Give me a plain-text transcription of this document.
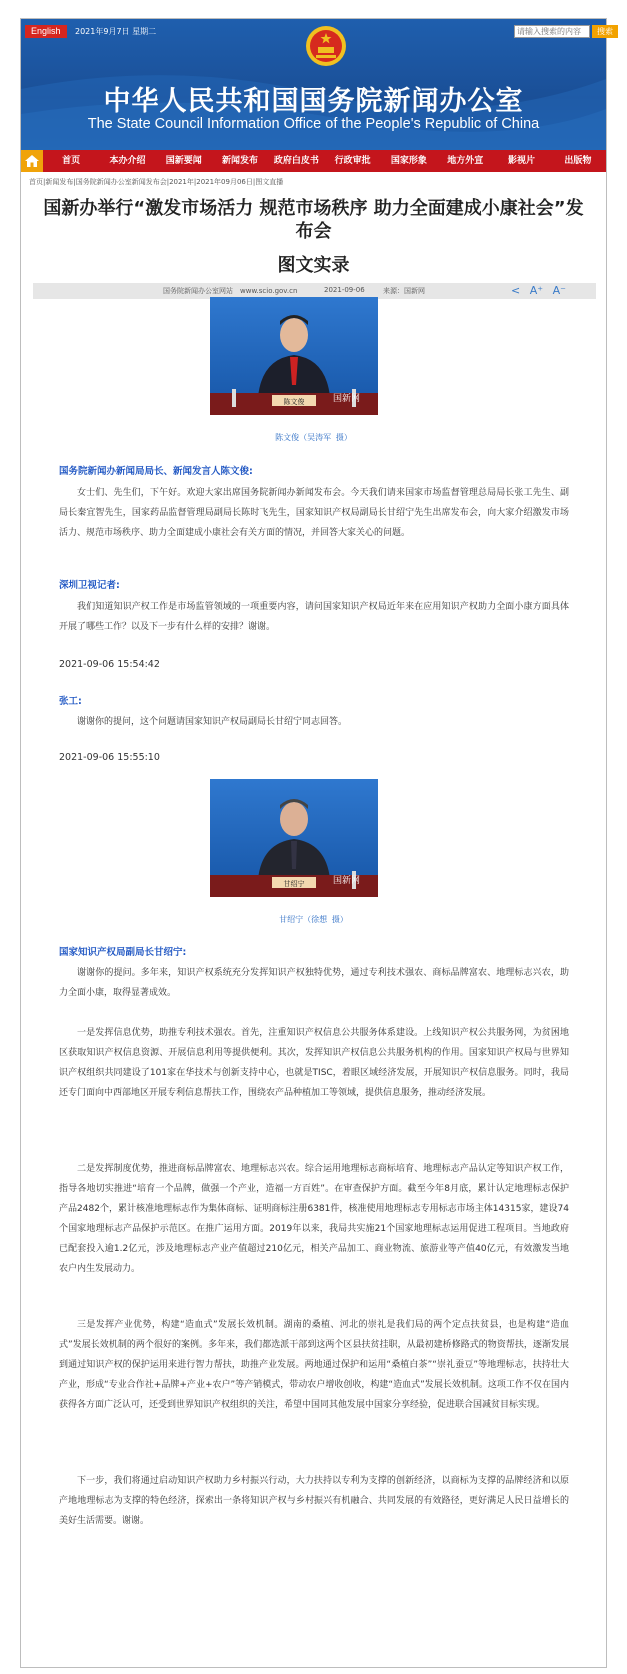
English	2021年9月7日 星期二
请输入搜索的内容	搜索
中华人民共和国国务院新闻办公室
The State Council Information Office of the People's Republic of China
首页	本办介绍	国新要闻	新闻发布	政府白皮书	行政审批	国家形象	地方外宣	影视片	出版物
首页|新闻发布|国务院新闻办公室新闻发布会|2021年|2021年09月06日|图文直播
国新办举行“激发市场活力 规范市场秩序 助力全面建成小康社会”发
布会
图文实录
国务院新闻办公室网站　www.scio.gov.cn	2021-09-06	来源：国新网	< A⁺ A⁻
陈文俊	国新网
陈文俊（吴涛军 摄）
国务院新闻办新闻局局长、新闻发言人陈文俊:
女士们、先生们，下午好。欢迎大家出席国务院新闻办新闻发布会。今天我们请来国家市场监督管理总局局长张工先生、副局长秦宜智先生，国家药品监督管理局副局长陈时飞先生，国家知识产权局副局长甘绍宁先生出席发布会，向大家介绍激发市场活力、规范市场秩序、助力全面建成小康社会有关方面的情况，并回答大家关心的问题。
深圳卫视记者:
我们知道知识产权工作是市场监管领域的一项重要内容，请问国家知识产权局近年来在应用知识产权助力全面小康方面具体开展了哪些工作？以及下一步有什么样的安排？谢谢。
2021-09-06 15:54:42
张工:
谢谢你的提问，这个问题请国家知识产权局副局长甘绍宁同志回答。
2021-09-06 15:55:10
甘绍宁	国新网
甘绍宁（徐想 摄）
国家知识产权局副局长甘绍宁:
谢谢你的提问。多年来，知识产权系统充分发挥知识产权独特优势，通过专利技术强农、商标品牌富农、地理标志兴农，助力全面小康，取得显著成效。
一是发挥信息优势，助推专利技术强农。首先，注重知识产权信息公共服务体系建设。上线知识产权公共服务网，为贫困地区获取知识产权信息资源、开展信息利用等提供便利。其次，发挥知识产权信息公共服务机构的作用。国家知识产权局与世界知识产权组织共同建设了101家在华技术与创新支持中心，也就是TISC，着眼区域经济发展，开展知识产权信息服务。同时，我局还专门面向中西部地区开展专利信息帮扶工作，围绕农产品种植加工等领域，提供信息服务，推动经济发展。
二是发挥制度优势，推进商标品牌富农、地理标志兴农。综合运用地理标志商标培育、地理标志产品认定等知识产权工作，指导各地切实推进“培育一个品牌，做强一个产业，造福一方百姓”。在审查保护方面。截至今年8月底，累计认定地理标志保护产品2482个，累计核准地理标志作为集体商标、证明商标注册6381件，核准使用地理标志专用标志市场主体14315家，建设74个国家地理标志产品保护示范区。在推广运用方面。2019年以来，我局共实施21个国家地理标志运用促进工程项目。当地政府已配套投入逾1.2亿元，涉及地理标志产业产值超过210亿元，相关产品加工、商业物流、旅游业等产值40亿元，有效激发当地农户内生发展动力。
三是发挥产业优势，构建“造血式”发展长效机制。湖南的桑植、河北的崇礼是我们局的两个定点扶贫县，也是构建“造血式”发展长效机制的两个很好的案例。多年来，我们都选派干部到这两个区县扶贫挂职，从最初建桥修路式的物资帮扶，逐渐发展到通过知识产权的保护运用来进行智力帮扶，助推产业发展。两地通过保护和运用“桑植白茶”“崇礼蚕豆”等地理标志，扶持壮大产业，形成“专业合作社+品牌+产业+农户”等产销模式，带动农户增收创收，构建“造血式”发展长效机制。这项工作不仅在国内获得各方面广泛认可，还受到世界知识产权组织的关注，希望中国同其他发展中国家分享经验，促进联合国减贫目标实现。
下一步，我们将通过启动知识产权助力乡村振兴行动，大力扶持以专利为支撑的创新经济，以商标为支撑的品牌经济和以原产地地理标志为支撑的特色经济，探索出一条将知识产权与乡村振兴有机融合、共同发展的有效路径，更好满足人民日益增长的美好生活需要。谢谢。
